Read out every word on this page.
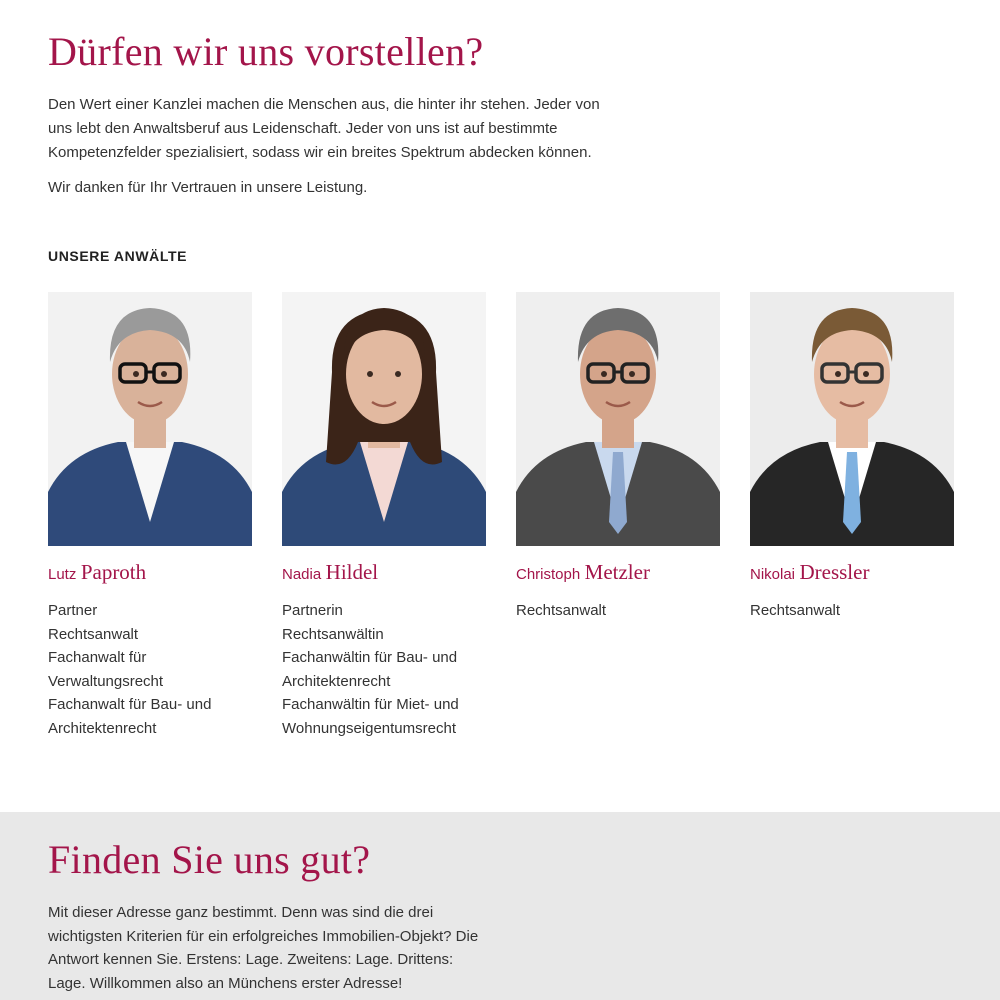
Dürfen wir uns vorstellen?

Den Wert einer Kanzlei machen die Menschen aus, die hinter ihr stehen. Jeder von uns lebt den Anwaltsberuf aus Leidenschaft. Jeder von uns ist auf bestimmte Kompetenzfelder spezialisiert, sodass wir ein breites Spektrum abdecken können.

Wir danken für Ihr Vertrauen in unsere Leistung.

UNSERE ANWÄLTE
Lutz Paproth
Partner
Rechtsanwalt
Fachanwalt für
Verwaltungsrecht
Fachanwalt für Bau- und
Architektenrecht
Nadia Hildel
Partnerin
Rechtsanwältin
Fachanwältin für Bau- und
Architektenrecht
Fachanwältin für Miet- und
Wohnungseigentumsrecht
Christoph Metzler
Rechtsanwalt
Nikolai Dressler
Rechtsanwalt
Finden Sie uns gut?
Mit dieser Adresse ganz bestimmt. Denn was sind die drei wichtigsten Kriterien für ein erfolgreiches Immobilien-Objekt? Die Antwort kennen Sie. Erstens: Lage. Zweitens: Lage. Drittens: Lage. Willkommen also an Münchens erster Adresse!
